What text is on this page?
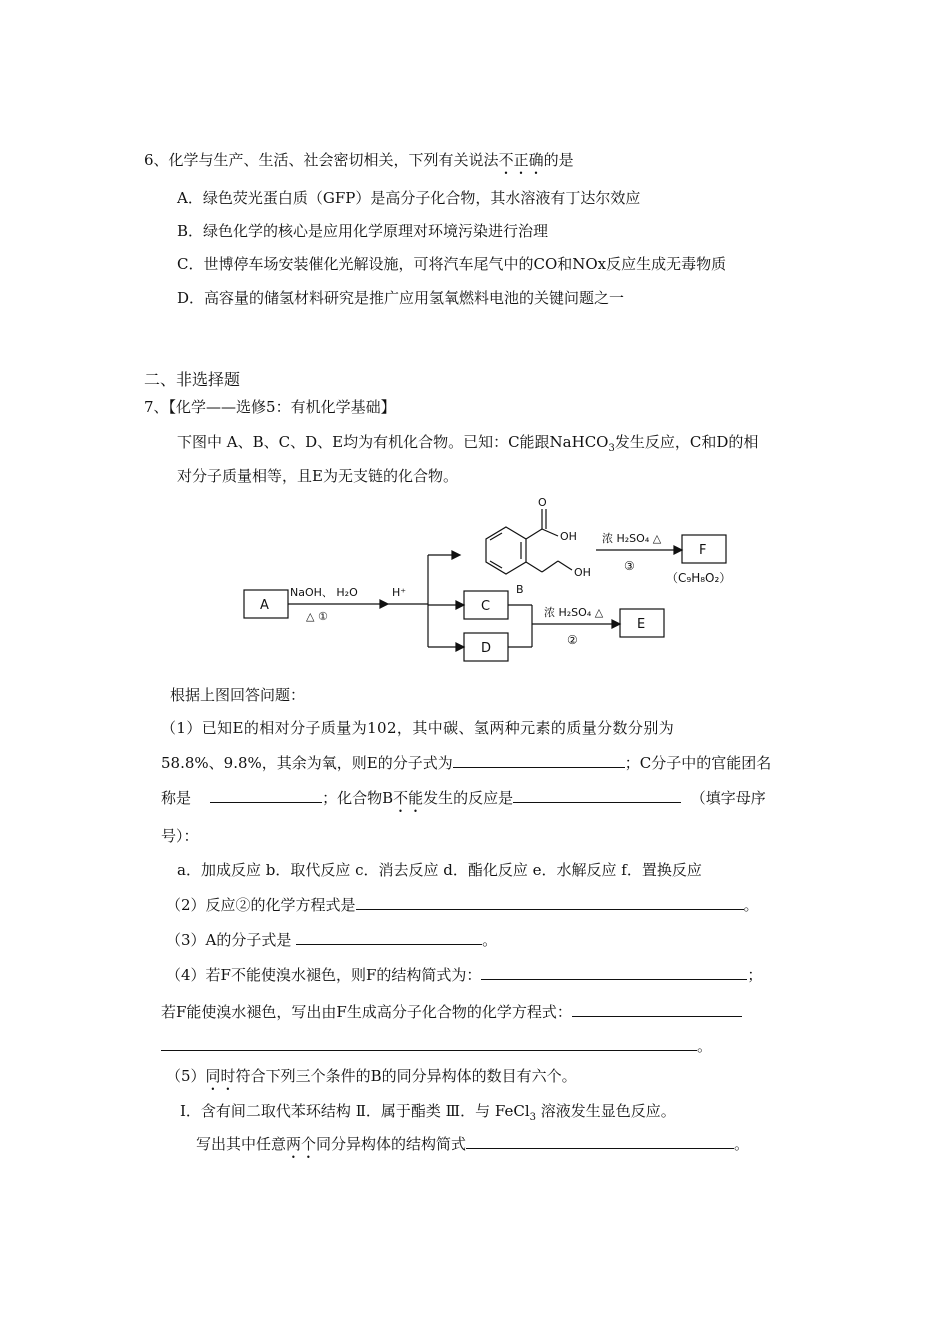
6、化学与生产、生活、社会密切相关，下列有关说法不正确的是
A．绿色荧光蛋白质（GFP）是高分子化合物，其水溶液有丁达尔效应
B．绿色化学的核心是应用化学原理对环境污染进行治理
C．世博停车场安装催化光解设施，可将汽车尾气中的CO和NOx反应生成无毒物质
D．高容量的储氢材料研究是推广应用氢氧燃料电池的关键问题之一
二、非选择题
7、【化学——选修5：有机化学基础】
下图中 A、B、C、D、E均为有机化合物。已知：C能跟NaHCO$_3$发生反应，C和D的相
对分子质量相等，且E为无支链的化合物。
A
NaOH、 H₂O
△ ①
H⁺
C
D
E
F
浓 H₂SO₄ △
②
浓 H₂SO₄ △
③
（C₉H₈O₂）
B
O
OH
OH
根据上图回答问题：
（1）已知E的相对分子质量为102，其中碳、氢两种元素的质量分数分别为
58.8%、9.8%，其余为氧，则E的分子式为	；C分子中的官能团名
称是	；化合物B不能发生的反应是	（填字母序
号）：
a．加成反应 b．取代反应 c．消去反应 d．酯化反应 e．水解反应 f．置换反应
（2）反应②的化学方程式是	。
（3）A的分子式是	。
（4）若F不能使溴水褪色，则F的结构简式为：	；
若F能使溴水褪色，写出由F生成高分子化合物的化学方程式：
。
（5）同时符合下列三个条件的B的同分异构体的数目有六个。
Ⅰ．含有间二取代苯环结构 Ⅱ．属于酯类 Ⅲ．与 FeCl$_3$ 溶液发生显色反应。
写出其中任意两个同分异构体的结构简式	。
